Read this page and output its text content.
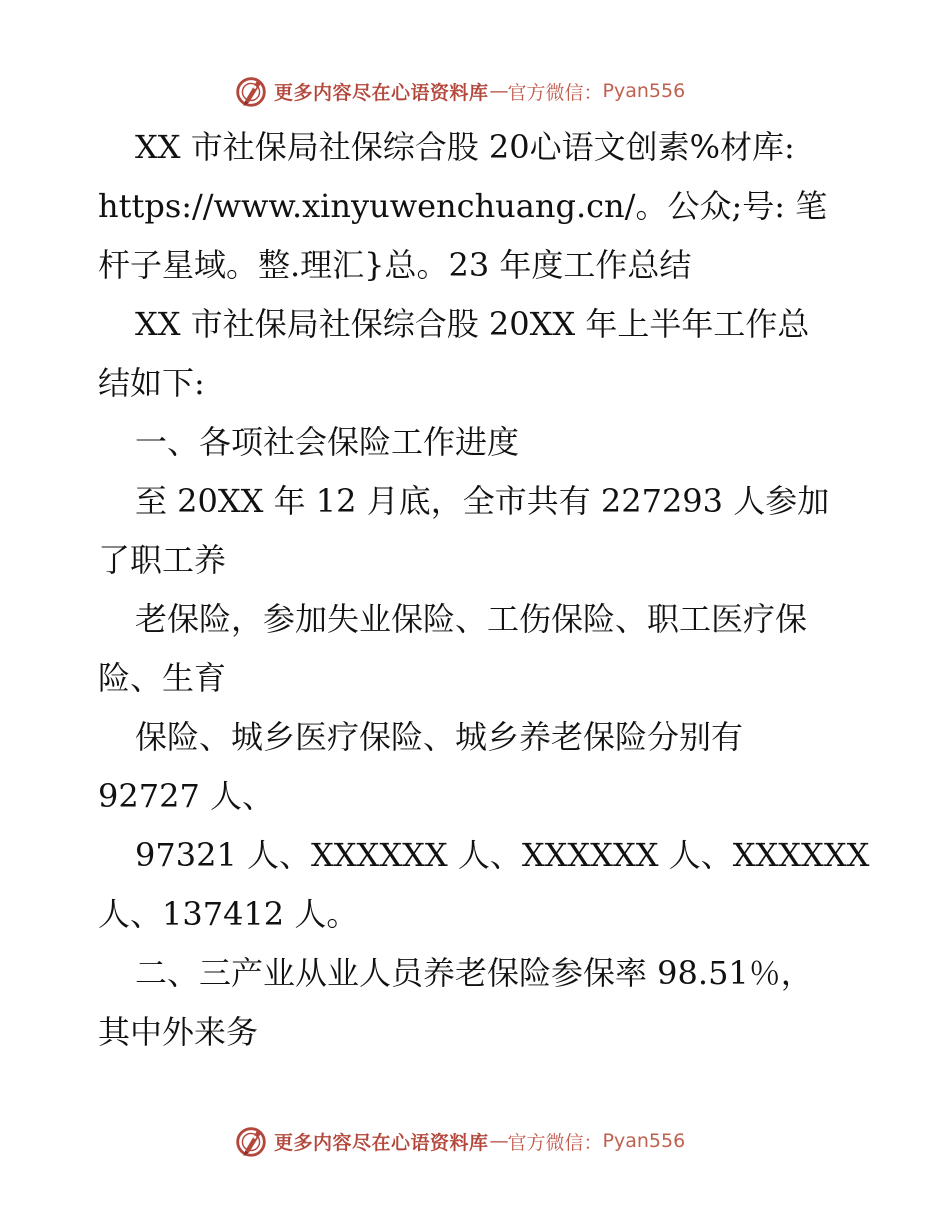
更多内容尽在心语资料库 — 官方微信： Pyan556

XX 市社保局社保综合股 20心语文创素%材库:

https://www.xinyuwenchuang.cn/。公众;号: 笔

杆子星域。整.理汇}总。23 年度工作总结

XX 市社保局社保综合股 20XX 年上半年工作总

结如下:

一、各项社会保险工作进度

至 20XX 年 12 月底，全市共有 227293 人参加

了职工养

老保险，参加失业保险、工伤保险、职工医疗保

险、生育

保险、城乡医疗保险、城乡养老保险分别有

92727 人、

97321 人、XXXXXX 人、XXXXXX 人、XXXXXX

人、137412 人。

二、三产业从业人员养老保险参保率 98.51％，

其中外来务

更多内容尽在心语资料库 — 官方微信： Pyan556
